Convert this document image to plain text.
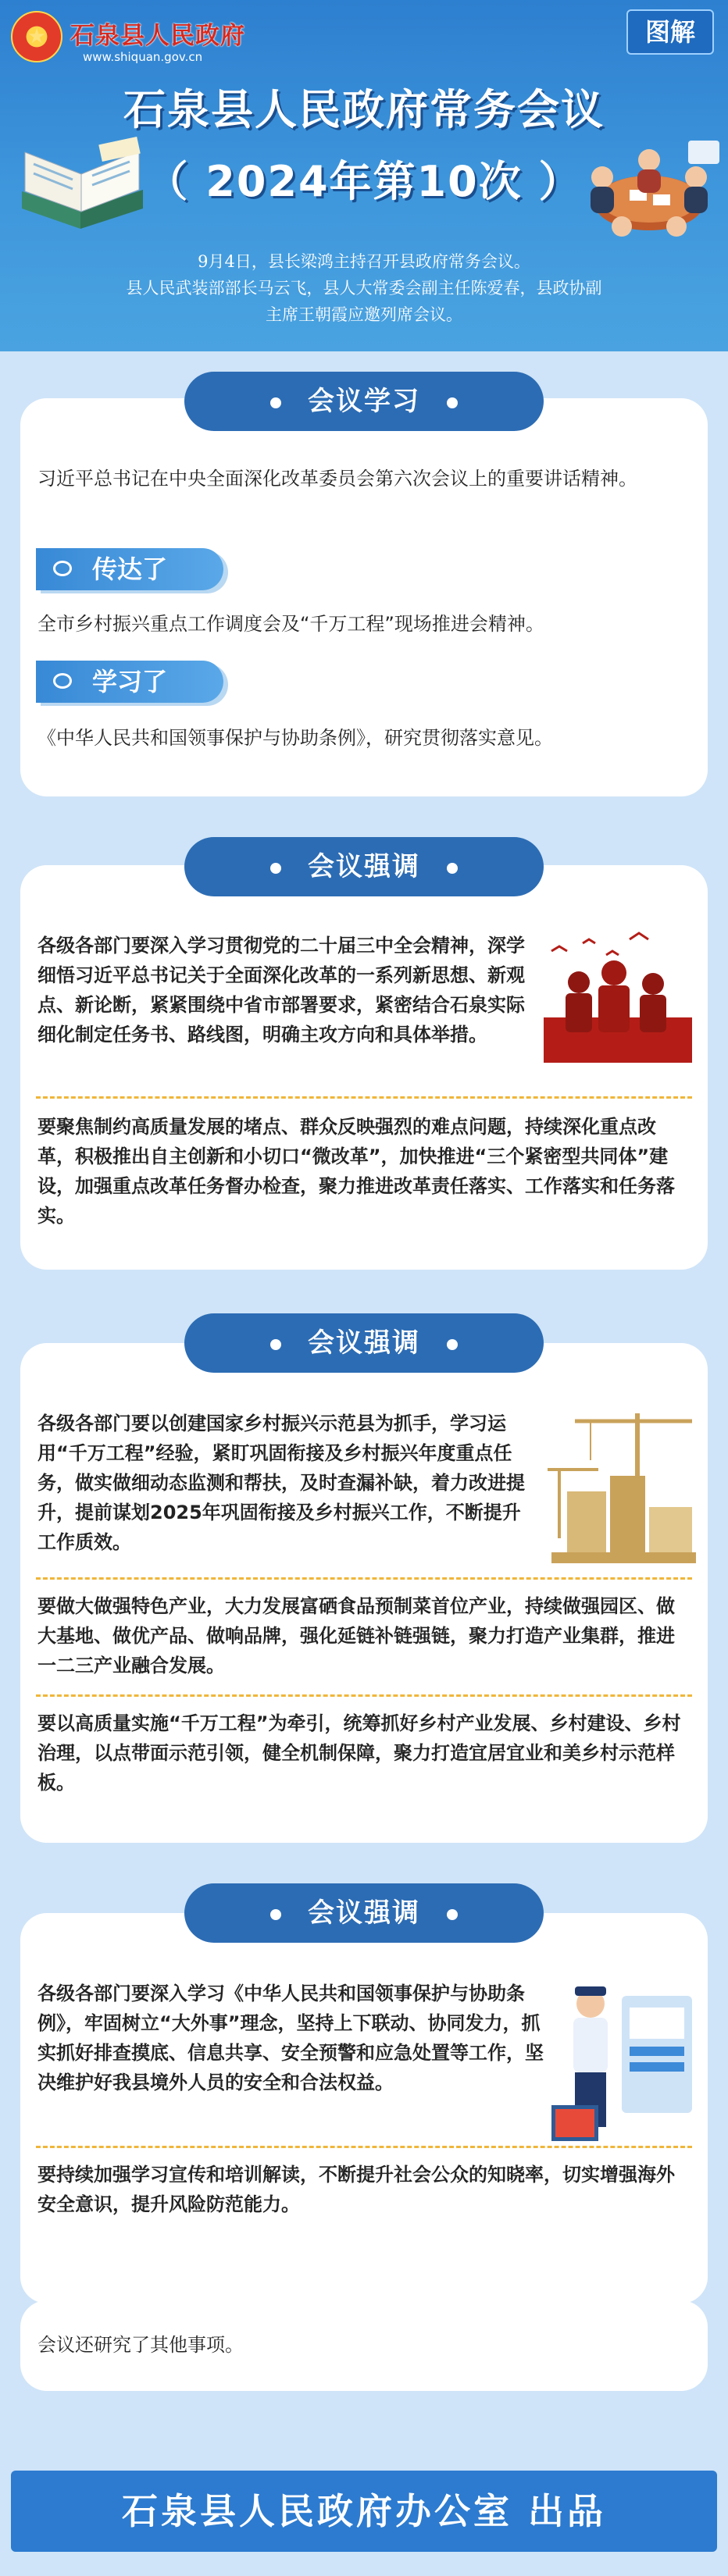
★	石泉县人民政府
www.shiquan.gov.cn
图解
石泉县人民政府常务会议
（ 2024年第10次 ）

9月4日，县长梁鸿主持召开县政府常务会议。

县人民武装部部长马云飞，县人大常委会副主任陈爱春，县政协副

主席王朝霞应邀列席会议。

习近平总书记在中央全面深化改革委员会第六次会议上的重要讲话精神。
传达了
全市乡村振兴重点工作调度会及“千万工程”现场推进会精神。
学习了
《中华人民共和国领事保护与协助条例》，研究贯彻落实意见。
会议学习
各级各部门要深入学习贯彻党的二十届三中全会精神，深学细悟习近平总书记关于全面深化改革的一系列新思想、新观点、新论断，紧紧围绕中省市部署要求，紧密结合石泉实际细化制定任务书、路线图，明确主攻方向和具体举措。
要聚焦制约高质量发展的堵点、群众反映强烈的难点问题，持续深化重点改革，积极推出自主创新和小切口“微改革”，加快推进“三个紧密型共同体”建设，加强重点改革任务督办检查，聚力推进改革责任落实、工作落实和任务落实。
会议强调
各级各部门要以创建国家乡村振兴示范县为抓手，学习运用“千万工程”经验，紧盯巩固衔接及乡村振兴年度重点任务，做实做细动态监测和帮扶，及时查漏补缺，着力改进提升，提前谋划2025年巩固衔接及乡村振兴工作，不断提升工作质效。
要做大做强特色产业，大力发展富硒食品预制菜首位产业，持续做强园区、做大基地、做优产品、做响品牌，强化延链补链强链，聚力打造产业集群，推进一二三产业融合发展。
要以高质量实施“千万工程”为牵引，统筹抓好乡村产业发展、乡村建设、乡村治理，以点带面示范引领，健全机制保障，聚力打造宜居宜业和美乡村示范样板。
会议强调
各级各部门要深入学习《中华人民共和国领事保护与协助条例》，牢固树立“大外事”理念，坚持上下联动、协同发力，抓实抓好排查摸底、信息共享、安全预警和应急处置等工作，坚决维护好我县境外人员的安全和合法权益。
要持续加强学习宣传和培训解读，不断提升社会公众的知晓率，切实增强海外安全意识，提升风险防范能力。
会议强调
会议还研究了其他事项。
石泉县人民政府办公室 出品
